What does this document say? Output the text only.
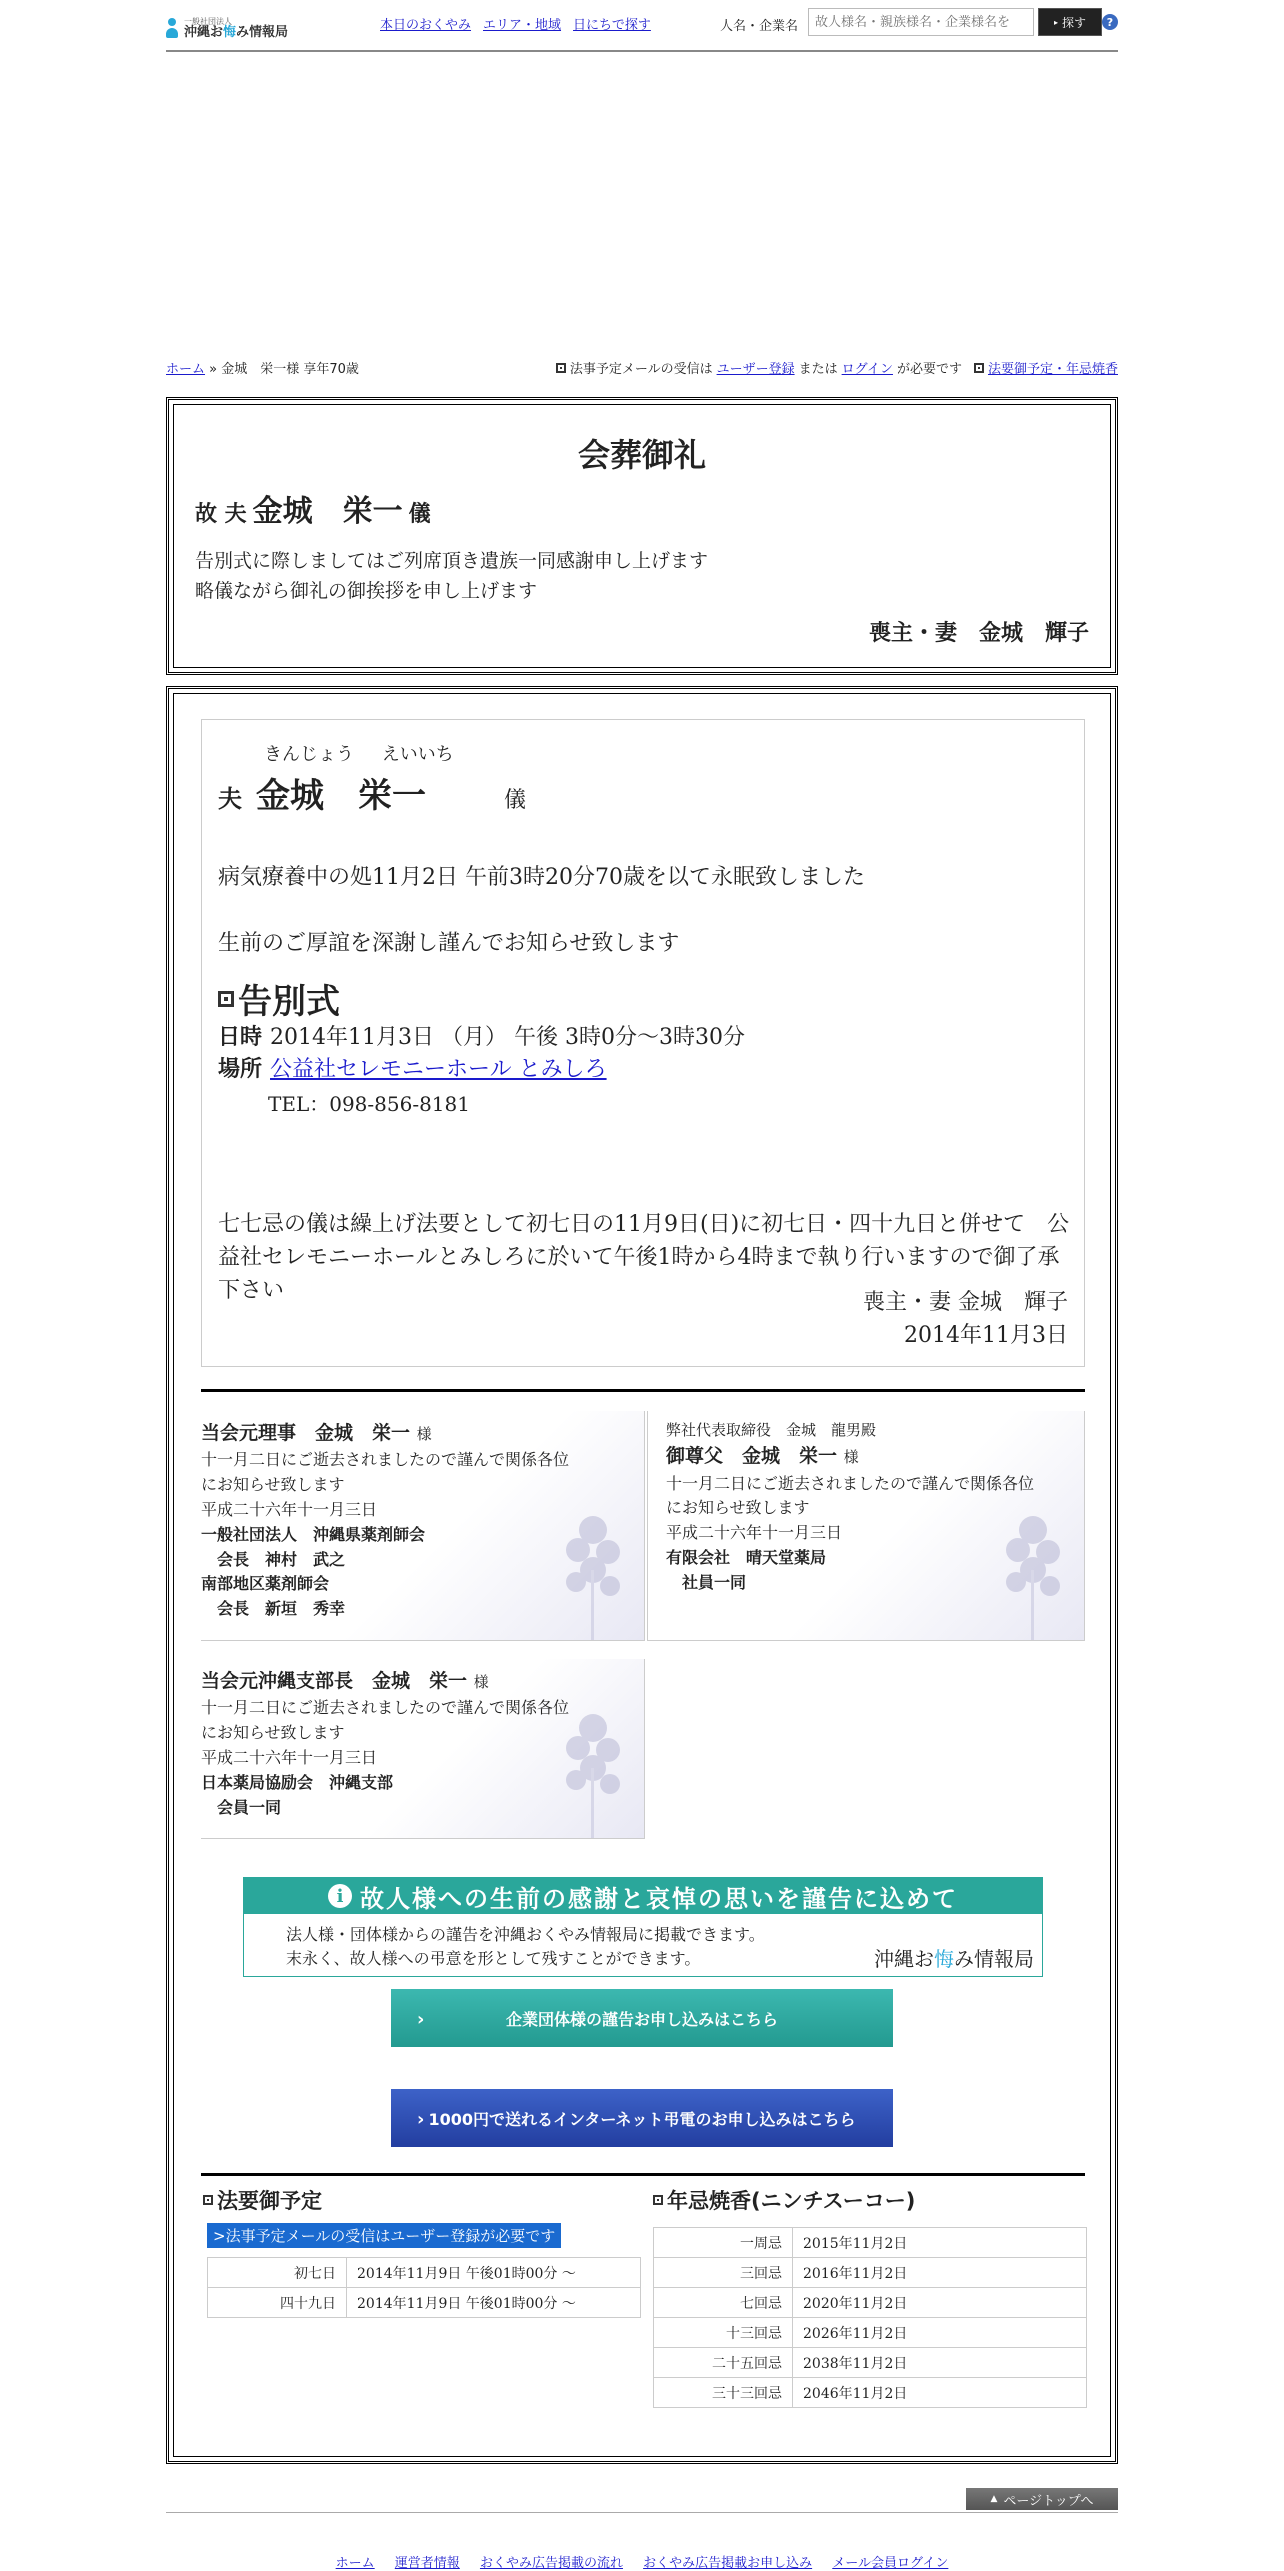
一般社団法人
沖縄お悔み情報局	本日のおくやみ エリア・地域 日にちで探す	人名・企業名
故人様名・親族様名・企業様名を	▸ 探す	?
ホーム » 金城　栄一様 享年70歳	法事予定メールの受信は ユーザー登録 または ログイン が必要です 法要御予定・年忌焼香
会葬御礼
故 夫 金城　栄一 儀
告別式に際しましてはご列席頂き遺族一同感謝申し上げます
略儀ながら御礼の御挨拶を申し上げます
喪主・妻　金城　輝子
きんじょう えいいち
夫 金城　栄一	儀
病気療養中の処11月2日 午前3時20分70歳を以て永眠致しました
生前のご厚誼を深謝し謹んでお知らせ致します
告別式
日時 2014年11月3日 （月） 午後 3時0分～3時30分
場所 公益社セレモニーホール とみしろ
TEL：098-856-8181
七七忌の儀は繰上げ法要として初七日の11月9日(日)に初七日・四十九日と併せて　公益社セレモニーホールとみしろに於いて午後1時から4時まで執り行いますので御了承下さい	喪主・妻 金城　輝子
2014年11月3日
当会元理事　金城　栄一 様
十一月二日にご逝去されましたので謹んで関係各位
にお知らせ致します
平成二十六年十一月三日
一般社団法人　沖縄県薬剤師会
　会長　神村　武之
南部地区薬剤師会
　会長　新垣　秀幸
弊社代表取締役　金城　龍男殿
御尊父　金城　栄一 様
十一月二日にご逝去されましたので謹んで関係各位
にお知らせ致します
平成二十六年十一月三日
有限会社　晴天堂薬局
　社員一同
当会元沖縄支部長　金城　栄一 様
十一月二日にご逝去されましたので謹んで関係各位
にお知らせ致します
平成二十六年十一月三日
日本薬局協励会　沖縄支部
　会員一同
i 故人様への生前の感謝と哀悼の思いを謹告に込めて
法人様・団体様からの謹告を沖縄おくやみ情報局に掲載できます。
末永く、故人様への弔意を形として残すことができます。	沖縄お悔み情報局
›	企業団体様の謹告お申し込みはこちら
› 1000円で送れるインターネット弔電のお申し込みはこちら
法要御予定
>法事予定メールの受信はユーザー登録が必要です
初七日	2014年11月9日 午後01時00分 ～
四十九日	2014年11月9日 午後01時00分 ～
年忌焼香(ニンチスーコー)
一周忌	2015年11月2日
三回忌	2016年11月2日
七回忌	2020年11月2日
十三回忌	2026年11月2日
二十五回忌	2038年11月2日
三十三回忌	2046年11月2日
▲ ページトップへ
ホーム 運営者情報 おくやみ広告掲載の流れ おくやみ広告掲載お申し込み メール会員ログイン
